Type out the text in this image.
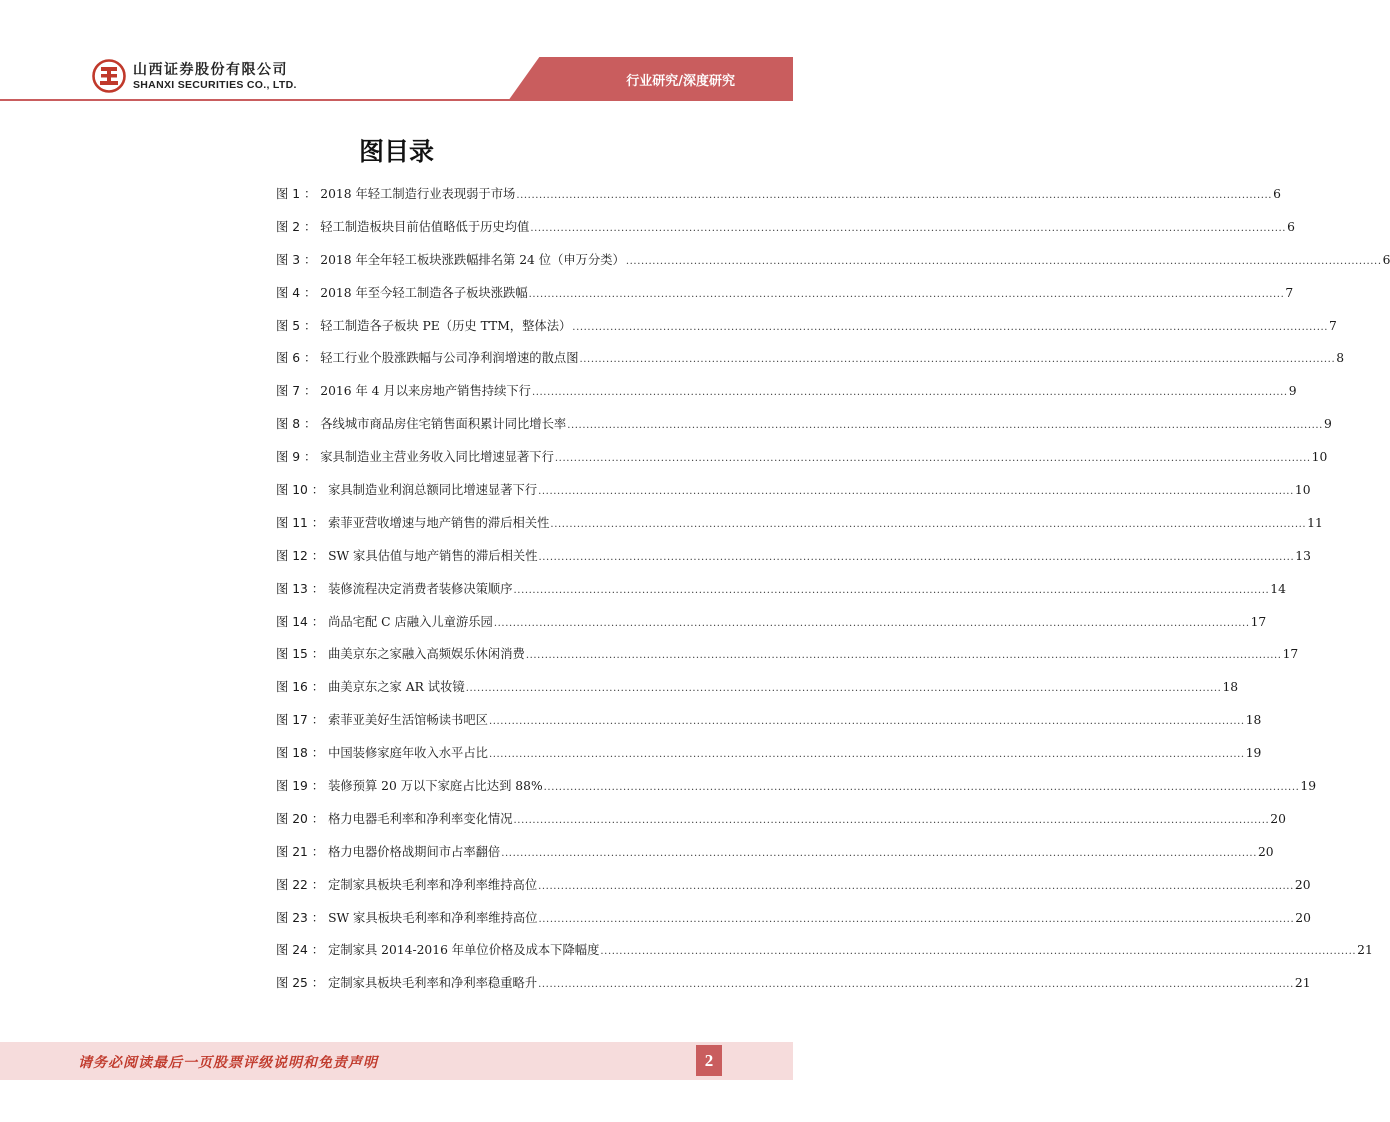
山西证券股份有限公司
SHANXI SECURITIES CO., LTD.	行业研究/深度研究
图目录
图 1 ： 2018 年轻工制造行业表现弱于市场 ........................................................................................................................................................................................................ 6
图 2 ： 轻工制造板块目前估值略低于历史均值 ........................................................................................................................................................................................................ 6
图 3 ： 2018 年全年轻工板块涨跌幅排名第 24 位（申万分类） ........................................................................................................................................................................................................ 6
图 4 ： 2018 年至今轻工制造各子板块涨跌幅 ........................................................................................................................................................................................................ 7
图 5 ： 轻工制造各子板块 PE（历史 TTM，整体法） ........................................................................................................................................................................................................ 7
图 6 ： 轻工行业个股涨跌幅与公司净利润增速的散点图 ........................................................................................................................................................................................................ 8
图 7 ： 2016 年 4 月以来房地产销售持续下行 ........................................................................................................................................................................................................ 9
图 8 ： 各线城市商品房住宅销售面积累计同比增长率 ........................................................................................................................................................................................................ 9
图 9 ： 家具制造业主营业务收入同比增速显著下行 ........................................................................................................................................................................................................ 10
图 10 ： 家具制造业利润总额同比增速显著下行 ........................................................................................................................................................................................................ 10
图 11 ： 索菲亚营收增速与地产销售的滞后相关性 ........................................................................................................................................................................................................ 11
图 12 ： SW 家具估值与地产销售的滞后相关性 ........................................................................................................................................................................................................ 13
图 13 ： 装修流程决定消费者装修决策顺序 ........................................................................................................................................................................................................ 14
图 14 ： 尚品宅配 C 店融入儿童游乐园 ........................................................................................................................................................................................................ 17
图 15 ： 曲美京东之家融入高频娱乐休闲消费 ........................................................................................................................................................................................................ 17
图 16 ： 曲美京东之家 AR 试妆镜 ........................................................................................................................................................................................................ 18
图 17 ： 索菲亚美好生活馆畅读书吧区 ........................................................................................................................................................................................................ 18
图 18 ： 中国装修家庭年收入水平占比 ........................................................................................................................................................................................................ 19
图 19 ： 装修预算 20 万以下家庭占比达到 88% ........................................................................................................................................................................................................ 19
图 20 ： 格力电器毛利率和净利率变化情况 ........................................................................................................................................................................................................ 20
图 21 ： 格力电器价格战期间市占率翻倍 ........................................................................................................................................................................................................ 20
图 22 ： 定制家具板块毛利率和净利率维持高位 ........................................................................................................................................................................................................ 20
图 23 ： SW 家具板块毛利率和净利率维持高位 ........................................................................................................................................................................................................ 20
图 24 ： 定制家具 2014-2016 年单位价格及成本下降幅度 ........................................................................................................................................................................................................ 21
图 25 ： 定制家具板块毛利率和净利率稳重略升 ........................................................................................................................................................................................................ 21
请务必阅读最后一页股票评级说明和免责声明	2
